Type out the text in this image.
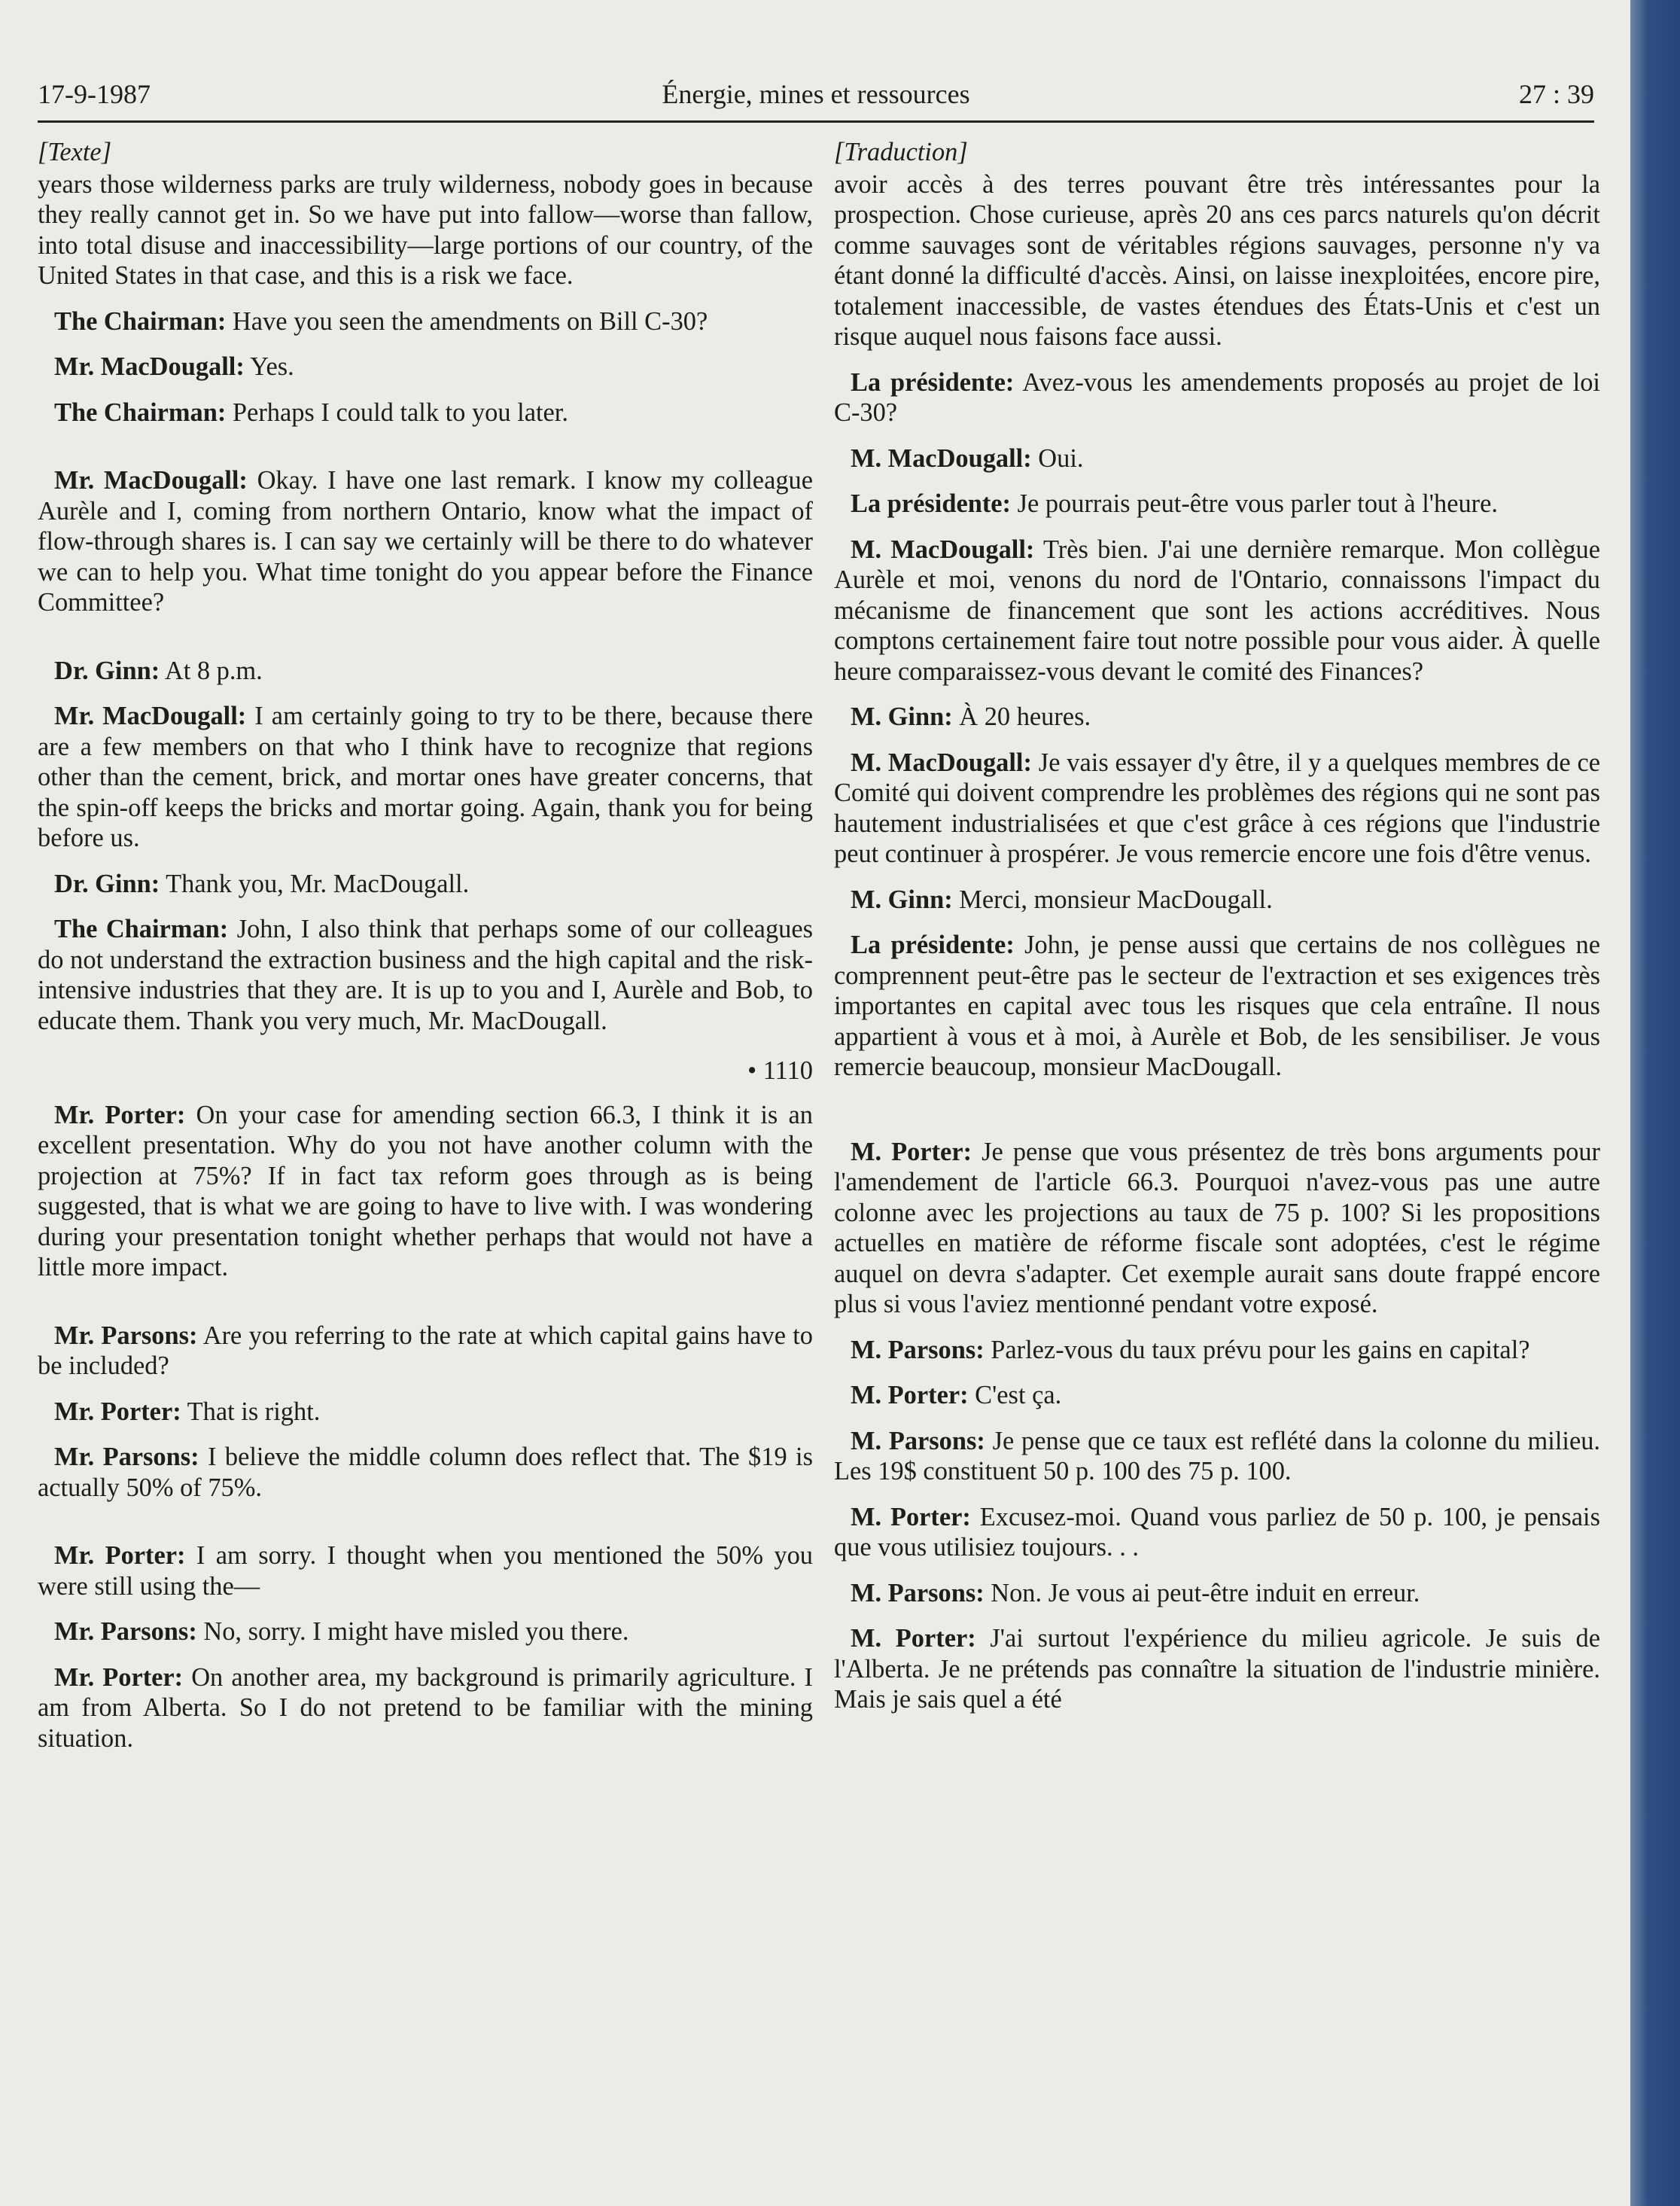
17-9-1987	Énergie, mines et ressources	27 : 39
[Texte]

years those wilderness parks are truly wilderness, nobody goes in because they really cannot get in. So we have put into fallow—worse than fallow, into total disuse and inaccessibility—large portions of our country, of the United States in that case, and this is a risk we face.

The Chairman: Have you seen the amendments on Bill C-30?

Mr. MacDougall: Yes.

The Chairman: Perhaps I could talk to you later.

Mr. MacDougall: Okay. I have one last remark. I know my colleague Aurèle and I, coming from northern Ontario, know what the impact of flow-through shares is. I can say we certainly will be there to do whatever we can to help you. What time tonight do you appear before the Finance Committee?

Dr. Ginn: At 8 p.m.

Mr. MacDougall: I am certainly going to try to be there, because there are a few members on that who I think have to recognize that regions other than the cement, brick, and mortar ones have greater concerns, that the spin-off keeps the bricks and mortar going. Again, thank you for being before us.

Dr. Ginn: Thank you, Mr. MacDougall.

The Chairman: John, I also think that perhaps some of our colleagues do not understand the extraction business and the high capital and the risk-intensive industries that they are. It is up to you and I, Aurèle and Bob, to educate them. Thank you very much, Mr. MacDougall.

• 1110

Mr. Porter: On your case for amending section 66.3, I think it is an excellent presentation. Why do you not have another column with the projection at 75%? If in fact tax reform goes through as is being suggested, that is what we are going to have to live with. I was wondering during your presentation tonight whether perhaps that would not have a little more impact.

Mr. Parsons: Are you referring to the rate at which capital gains have to be included?

Mr. Porter: That is right.

Mr. Parsons: I believe the middle column does reflect that. The $19 is actually 50% of 75%.

Mr. Porter: I am sorry. I thought when you mentioned the 50% you were still using the—

Mr. Parsons: No, sorry. I might have misled you there.

Mr. Porter: On another area, my background is primarily agriculture. I am from Alberta. So I do not pretend to be familiar with the mining situation.

[Traduction]

avoir accès à des terres pouvant être très intéressantes pour la prospection. Chose curieuse, après 20 ans ces parcs naturels qu'on décrit comme sauvages sont de véritables régions sauvages, personne n'y va étant donné la difficulté d'accès. Ainsi, on laisse inexploitées, encore pire, totalement inaccessible, de vastes étendues des États-Unis et c'est un risque auquel nous faisons face aussi.

La présidente: Avez-vous les amendements proposés au projet de loi C-30?

M. MacDougall: Oui.

La présidente: Je pourrais peut-être vous parler tout à l'heure.

M. MacDougall: Très bien. J'ai une dernière remarque. Mon collègue Aurèle et moi, venons du nord de l'Ontario, connaissons l'impact du mécanisme de financement que sont les actions accréditives. Nous comptons certainement faire tout notre possible pour vous aider. À quelle heure comparaissez-vous devant le comité des Finances?

M. Ginn: À 20 heures.

M. MacDougall: Je vais essayer d'y être, il y a quelques membres de ce Comité qui doivent comprendre les problèmes des régions qui ne sont pas hautement industrialisées et que c'est grâce à ces régions que l'industrie peut continuer à prospérer. Je vous remercie encore une fois d'être venus.

M. Ginn: Merci, monsieur MacDougall.

La présidente: John, je pense aussi que certains de nos collègues ne comprennent peut-être pas le secteur de l'extraction et ses exigences très importantes en capital avec tous les risques que cela entraîne. Il nous appartient à vous et à moi, à Aurèle et Bob, de les sensibiliser. Je vous remercie beaucoup, monsieur MacDougall.

M. Porter: Je pense que vous présentez de très bons arguments pour l'amendement de l'article 66.3. Pourquoi n'avez-vous pas une autre colonne avec les projections au taux de 75 p. 100? Si les propositions actuelles en matière de réforme fiscale sont adoptées, c'est le régime auquel on devra s'adapter. Cet exemple aurait sans doute frappé encore plus si vous l'aviez mentionné pendant votre exposé.

M. Parsons: Parlez-vous du taux prévu pour les gains en capital?

M. Porter: C'est ça.

M. Parsons: Je pense que ce taux est reflété dans la colonne du milieu. Les 19$ constituent 50 p. 100 des 75 p. 100.

M. Porter: Excusez-moi. Quand vous parliez de 50 p. 100, je pensais que vous utilisiez toujours. . .

M. Parsons: Non. Je vous ai peut-être induit en erreur.

M. Porter: J'ai surtout l'expérience du milieu agricole. Je suis de l'Alberta. Je ne prétends pas connaître la situation de l'industrie minière. Mais je sais quel a été
